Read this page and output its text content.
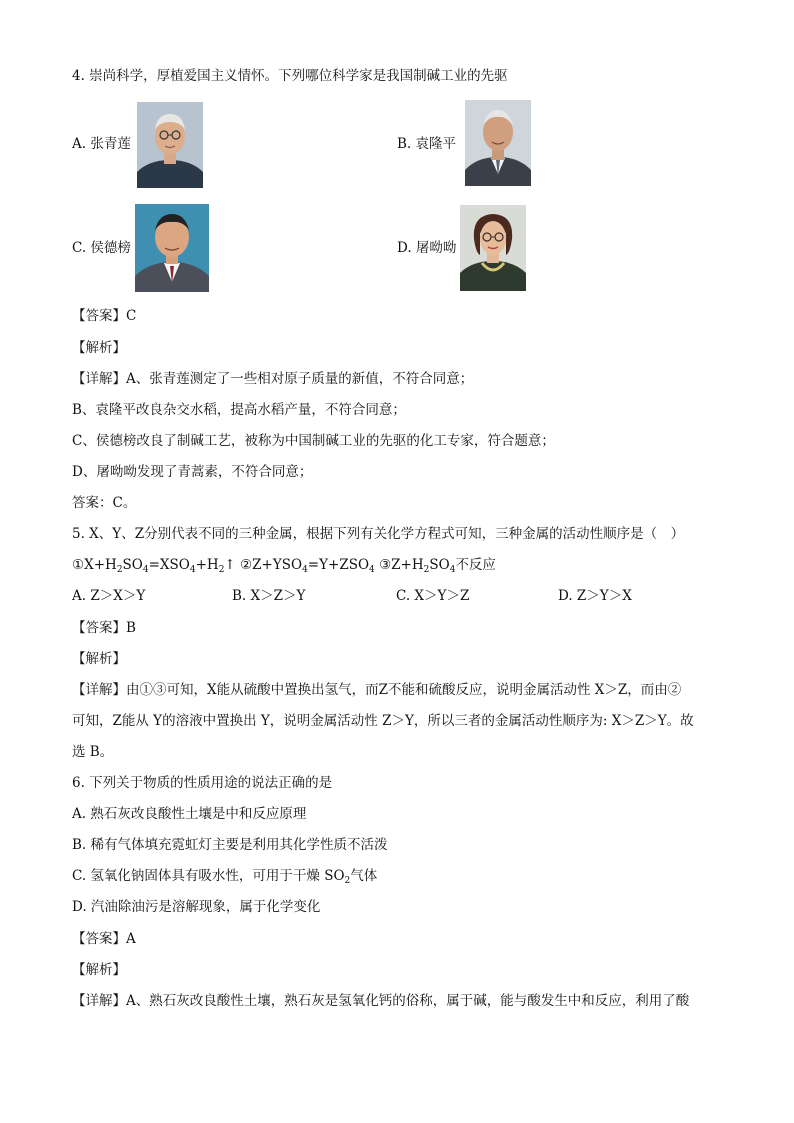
4. 崇尚科学，厚植爱国主义情怀。下列哪位科学家是我国制碱工业的先驱
A. 张青莲	B. 袁隆平
C. 侯德榜	D. 屠呦呦
【答案】C
【解析】
【详解】A、张青莲测定了一些相对原子质量的新值，不符合同意；
B、袁隆平改良杂交水稻，提高水稻产量，不符合同意；
C、侯德榜改良了制碱工艺，被称为中国制碱工业的先驱的化工专家，符合题意；
D、屠呦呦发现了青蒿素，不符合同意；
答案：C。
5. X、Y、Z分别代表不同的三种金属，根据下列有关化学方程式可知，三种金属的活动性顺序是（　）
$①X+H_2SO_4=XSO_4+H_2↑$ $②Z+YSO_4=Y+ZSO_4$ $③Z+H_2SO_4$不反应
A. Z＞X＞Y	B. X＞Z＞Y	C. X＞Y＞Z	D. Z＞Y＞X
【答案】B
【解析】
【详解】由①③可知，X能从硫酸中置换出氢气，而Z不能和硫酸反应，说明金属活动性 X＞Z，而由②
可知，Z能从 Y的溶液中置换出 Y，说明金属活动性 Z＞Y，所以三者的金属活动性顺序为: X＞Z＞Y。故
选 B。
6. 下列关于物质的性质用途的说法正确的是
A. 熟石灰改良酸性土壤是中和反应原理
B. 稀有气体填充霓虹灯主要是利用其化学性质不活泼
C. 氢氧化钠固体具有吸水性，可用于干燥 $SO_2$气体
D. 汽油除油污是溶解现象，属于化学变化
【答案】A
【解析】
【详解】A、熟石灰改良酸性土壤，熟石灰是氢氧化钙的俗称，属于碱，能与酸发生中和反应，利用了酸
